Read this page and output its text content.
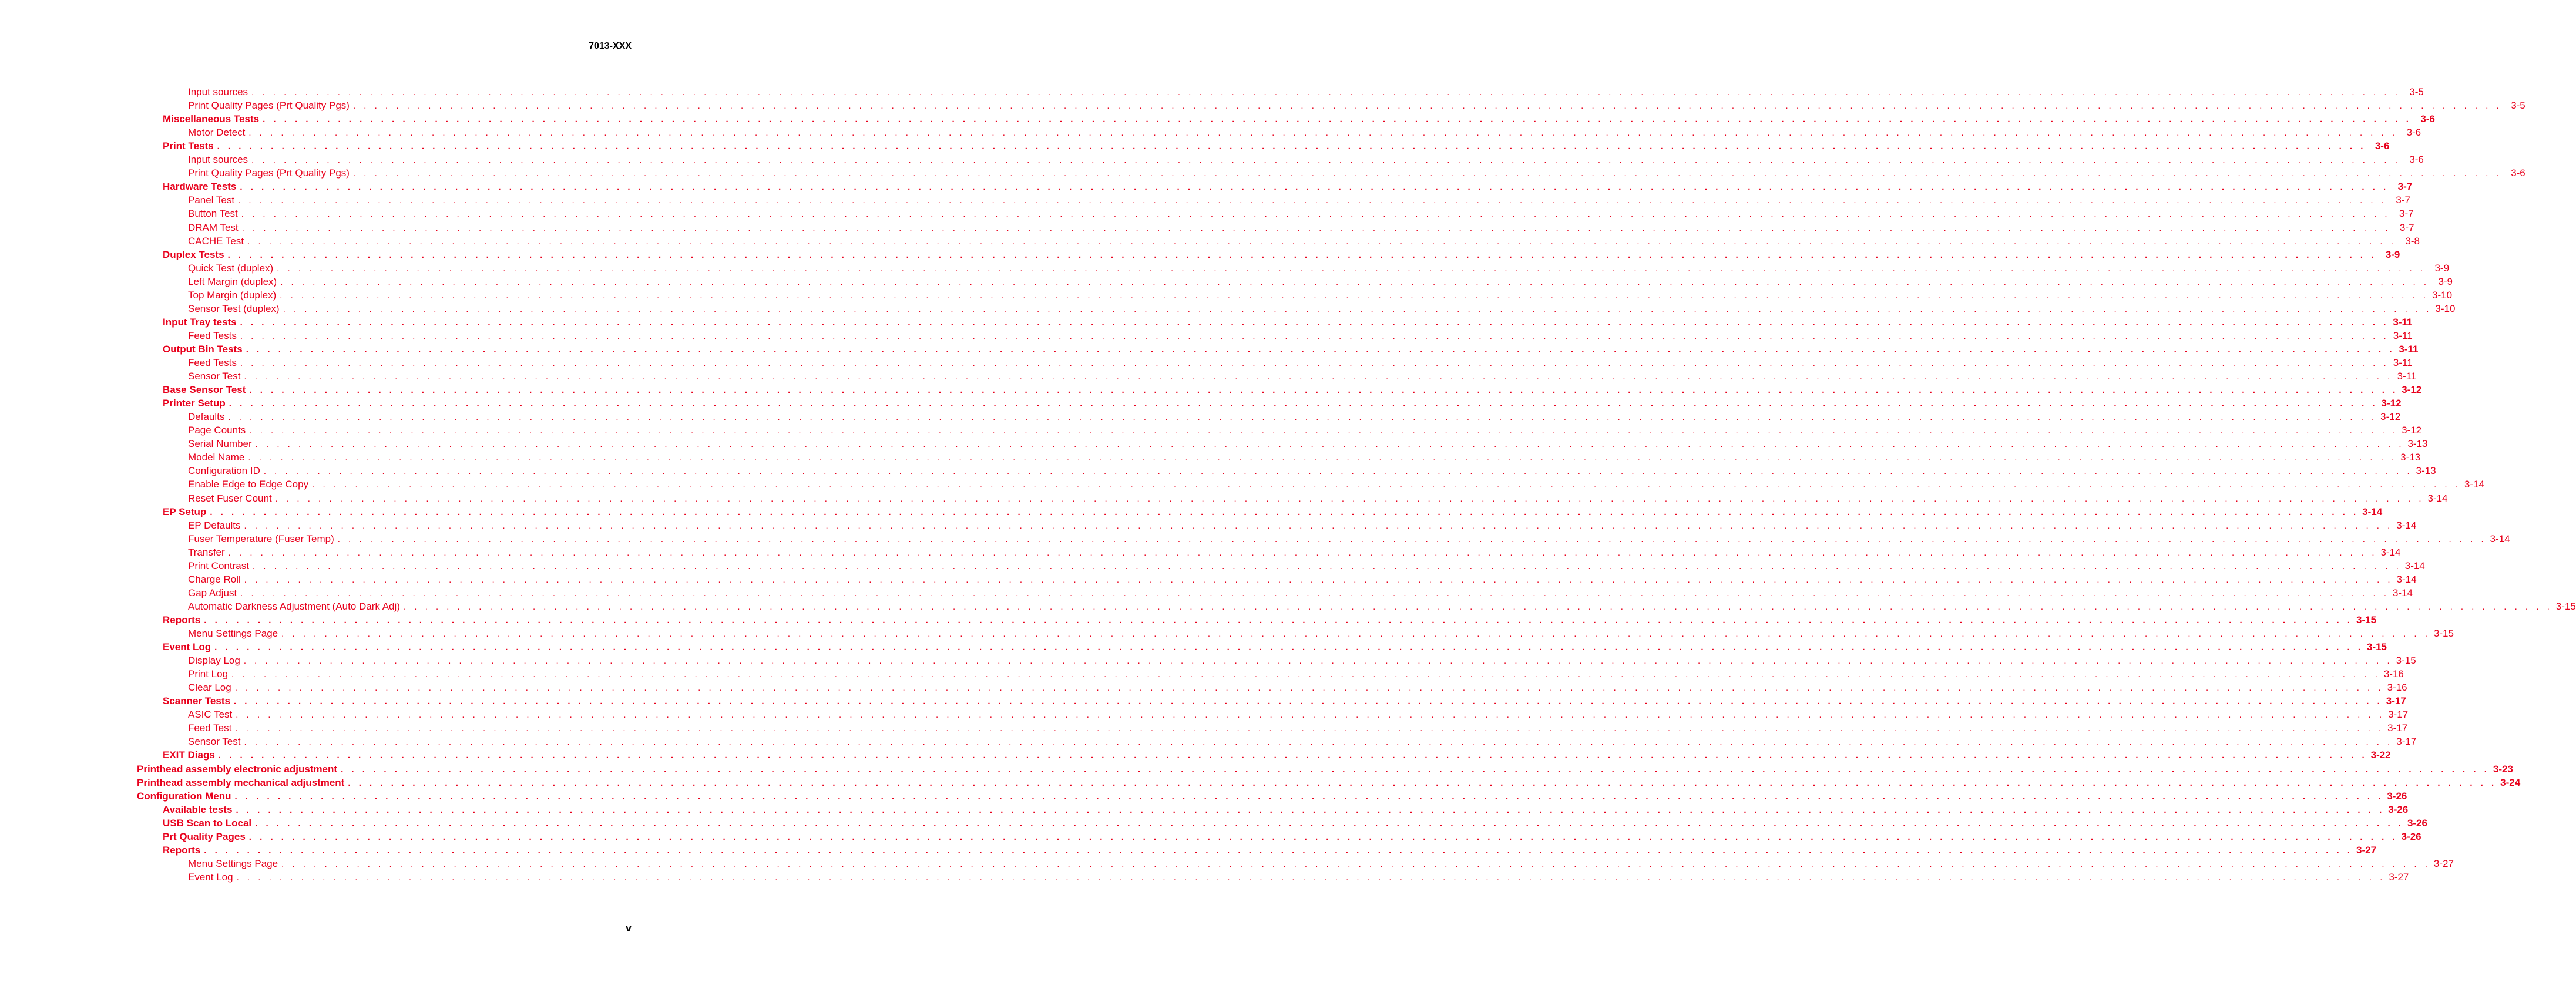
7013-XXX
Input sources . . . . . . . . . . . . . . . . . . . . . . . . . . . . . . . . . . . . . . . . . . . . . . . . . . . . . . . . . . . . . . . . . . . . . . . . . . . . . . . . . . . . . . . . . . . . . . . . . . . . . . . . . . . . . . . . . . . . . . . . . . . . . . . . . . . . . . . . . . . . . . . . . . . . . . . . . . . . . . . . . . . . . . . . . . . . . . . . . . . . . . . . . . . . . . . . . . . . . . . . 3-5
Print Quality Pages (Prt Quality Pgs) . . . . . . . . . . . . . . . . . . . . . . . . . . . . . . . . . . . . . . . . . . . . . . . . . . . . . . . . . . . . . . . . . . . . . . . . . . . . . . . . . . . . . . . . . . . . . . . . . . . . . . . . . . . . . . . . . . . . . . . . . . . . . . . . . . . . . . . . . . . . . . . . . . . . . . . . . . . . . . . . . . . . . . . . . . . . . . . . . . . . . . . . . . . . . . . . . . . . . . . . 3-5
Miscellaneous Tests . . . . . . . . . . . . . . . . . . . . . . . . . . . . . . . . . . . . . . . . . . . . . . . . . . . . . . . . . . . . . . . . . . . . . . . . . . . . . . . . . . . . . . . . . . . . . . . . . . . . . . . . . . . . . . . . . . . . . . . . . . . . . . . . . . . . . . . . . . . . . . . . . . . . . . . . . . . . . . . . . . . . . . . . . . . . . . . . . . . . . . . . . . . . . . . . . . . . . . . . 3-6
Motor Detect . . . . . . . . . . . . . . . . . . . . . . . . . . . . . . . . . . . . . . . . . . . . . . . . . . . . . . . . . . . . . . . . . . . . . . . . . . . . . . . . . . . . . . . . . . . . . . . . . . . . . . . . . . . . . . . . . . . . . . . . . . . . . . . . . . . . . . . . . . . . . . . . . . . . . . . . . . . . . . . . . . . . . . . . . . . . . . . . . . . . . . . . . . . . . . . . . . . . . . . . 3-6
Print Tests . . . . . . . . . . . . . . . . . . . . . . . . . . . . . . . . . . . . . . . . . . . . . . . . . . . . . . . . . . . . . . . . . . . . . . . . . . . . . . . . . . . . . . . . . . . . . . . . . . . . . . . . . . . . . . . . . . . . . . . . . . . . . . . . . . . . . . . . . . . . . . . . . . . . . . . . . . . . . . . . . . . . . . . . . . . . . . . . . . . . . . . . . . . . . . . . . . . . . . . . 3-6
Input sources . . . . . . . . . . . . . . . . . . . . . . . . . . . . . . . . . . . . . . . . . . . . . . . . . . . . . . . . . . . . . . . . . . . . . . . . . . . . . . . . . . . . . . . . . . . . . . . . . . . . . . . . . . . . . . . . . . . . . . . . . . . . . . . . . . . . . . . . . . . . . . . . . . . . . . . . . . . . . . . . . . . . . . . . . . . . . . . . . . . . . . . . . . . . . . . . . . . . . . . . 3-6
Print Quality Pages (Prt Quality Pgs) . . . . . . . . . . . . . . . . . . . . . . . . . . . . . . . . . . . . . . . . . . . . . . . . . . . . . . . . . . . . . . . . . . . . . . . . . . . . . . . . . . . . . . . . . . . . . . . . . . . . . . . . . . . . . . . . . . . . . . . . . . . . . . . . . . . . . . . . . . . . . . . . . . . . . . . . . . . . . . . . . . . . . . . . . . . . . . . . . . . . . . . . . . . . . . . . . . . . . . . . 3-6
Hardware Tests . . . . . . . . . . . . . . . . . . . . . . . . . . . . . . . . . . . . . . . . . . . . . . . . . . . . . . . . . . . . . . . . . . . . . . . . . . . . . . . . . . . . . . . . . . . . . . . . . . . . . . . . . . . . . . . . . . . . . . . . . . . . . . . . . . . . . . . . . . . . . . . . . . . . . . . . . . . . . . . . . . . . . . . . . . . . . . . . . . . . . . . . . . . . . . . . . . . . . . . . 3-7
Panel Test . . . . . . . . . . . . . . . . . . . . . . . . . . . . . . . . . . . . . . . . . . . . . . . . . . . . . . . . . . . . . . . . . . . . . . . . . . . . . . . . . . . . . . . . . . . . . . . . . . . . . . . . . . . . . . . . . . . . . . . . . . . . . . . . . . . . . . . . . . . . . . . . . . . . . . . . . . . . . . . . . . . . . . . . . . . . . . . . . . . . . . . . . . . . . . . . . . . . . . . . 3-7
Button Test . . . . . . . . . . . . . . . . . . . . . . . . . . . . . . . . . . . . . . . . . . . . . . . . . . . . . . . . . . . . . . . . . . . . . . . . . . . . . . . . . . . . . . . . . . . . . . . . . . . . . . . . . . . . . . . . . . . . . . . . . . . . . . . . . . . . . . . . . . . . . . . . . . . . . . . . . . . . . . . . . . . . . . . . . . . . . . . . . . . . . . . . . . . . . . . . . . . . . . . . 3-7
DRAM Test . . . . . . . . . . . . . . . . . . . . . . . . . . . . . . . . . . . . . . . . . . . . . . . . . . . . . . . . . . . . . . . . . . . . . . . . . . . . . . . . . . . . . . . . . . . . . . . . . . . . . . . . . . . . . . . . . . . . . . . . . . . . . . . . . . . . . . . . . . . . . . . . . . . . . . . . . . . . . . . . . . . . . . . . . . . . . . . . . . . . . . . . . . . . . . . . . . . . . . . . 3-7
CACHE Test . . . . . . . . . . . . . . . . . . . . . . . . . . . . . . . . . . . . . . . . . . . . . . . . . . . . . . . . . . . . . . . . . . . . . . . . . . . . . . . . . . . . . . . . . . . . . . . . . . . . . . . . . . . . . . . . . . . . . . . . . . . . . . . . . . . . . . . . . . . . . . . . . . . . . . . . . . . . . . . . . . . . . . . . . . . . . . . . . . . . . . . . . . . . . . . . . . . . . . . . 3-8
Duplex Tests . . . . . . . . . . . . . . . . . . . . . . . . . . . . . . . . . . . . . . . . . . . . . . . . . . . . . . . . . . . . . . . . . . . . . . . . . . . . . . . . . . . . . . . . . . . . . . . . . . . . . . . . . . . . . . . . . . . . . . . . . . . . . . . . . . . . . . . . . . . . . . . . . . . . . . . . . . . . . . . . . . . . . . . . . . . . . . . . . . . . . . . . . . . . . . . . . . . . . . . . 3-9
Quick Test (duplex) . . . . . . . . . . . . . . . . . . . . . . . . . . . . . . . . . . . . . . . . . . . . . . . . . . . . . . . . . . . . . . . . . . . . . . . . . . . . . . . . . . . . . . . . . . . . . . . . . . . . . . . . . . . . . . . . . . . . . . . . . . . . . . . . . . . . . . . . . . . . . . . . . . . . . . . . . . . . . . . . . . . . . . . . . . . . . . . . . . . . . . . . . . . . . . . . . . . . . . . . 3-9
Left Margin (duplex) . . . . . . . . . . . . . . . . . . . . . . . . . . . . . . . . . . . . . . . . . . . . . . . . . . . . . . . . . . . . . . . . . . . . . . . . . . . . . . . . . . . . . . . . . . . . . . . . . . . . . . . . . . . . . . . . . . . . . . . . . . . . . . . . . . . . . . . . . . . . . . . . . . . . . . . . . . . . . . . . . . . . . . . . . . . . . . . . . . . . . . . . . . . . . . . . . . . . . . . . 3-9
Top Margin (duplex) . . . . . . . . . . . . . . . . . . . . . . . . . . . . . . . . . . . . . . . . . . . . . . . . . . . . . . . . . . . . . . . . . . . . . . . . . . . . . . . . . . . . . . . . . . . . . . . . . . . . . . . . . . . . . . . . . . . . . . . . . . . . . . . . . . . . . . . . . . . . . . . . . . . . . . . . . . . . . . . . . . . . . . . . . . . . . . . . . . . . . . . . . . . . . . . . . . . . . . . . 3-10
Sensor Test (duplex) . . . . . . . . . . . . . . . . . . . . . . . . . . . . . . . . . . . . . . . . . . . . . . . . . . . . . . . . . . . . . . . . . . . . . . . . . . . . . . . . . . . . . . . . . . . . . . . . . . . . . . . . . . . . . . . . . . . . . . . . . . . . . . . . . . . . . . . . . . . . . . . . . . . . . . . . . . . . . . . . . . . . . . . . . . . . . . . . . . . . . . . . . . . . . . . . . . . . . . . . 3-10
Input Tray tests . . . . . . . . . . . . . . . . . . . . . . . . . . . . . . . . . . . . . . . . . . . . . . . . . . . . . . . . . . . . . . . . . . . . . . . . . . . . . . . . . . . . . . . . . . . . . . . . . . . . . . . . . . . . . . . . . . . . . . . . . . . . . . . . . . . . . . . . . . . . . . . . . . . . . . . . . . . . . . . . . . . . . . . . . . . . . . . . . . . . . . . . . . . . . . . . . . . . . . . . 3-11
Feed Tests . . . . . . . . . . . . . . . . . . . . . . . . . . . . . . . . . . . . . . . . . . . . . . . . . . . . . . . . . . . . . . . . . . . . . . . . . . . . . . . . . . . . . . . . . . . . . . . . . . . . . . . . . . . . . . . . . . . . . . . . . . . . . . . . . . . . . . . . . . . . . . . . . . . . . . . . . . . . . . . . . . . . . . . . . . . . . . . . . . . . . . . . . . . . . . . . . . . . . . . . 3-11
Output Bin Tests . . . . . . . . . . . . . . . . . . . . . . . . . . . . . . . . . . . . . . . . . . . . . . . . . . . . . . . . . . . . . . . . . . . . . . . . . . . . . . . . . . . . . . . . . . . . . . . . . . . . . . . . . . . . . . . . . . . . . . . . . . . . . . . . . . . . . . . . . . . . . . . . . . . . . . . . . . . . . . . . . . . . . . . . . . . . . . . . . . . . . . . . . . . . . . . . . . . . . . . . 3-11
Feed Tests . . . . . . . . . . . . . . . . . . . . . . . . . . . . . . . . . . . . . . . . . . . . . . . . . . . . . . . . . . . . . . . . . . . . . . . . . . . . . . . . . . . . . . . . . . . . . . . . . . . . . . . . . . . . . . . . . . . . . . . . . . . . . . . . . . . . . . . . . . . . . . . . . . . . . . . . . . . . . . . . . . . . . . . . . . . . . . . . . . . . . . . . . . . . . . . . . . . . . . . . 3-11
Sensor Test . . . . . . . . . . . . . . . . . . . . . . . . . . . . . . . . . . . . . . . . . . . . . . . . . . . . . . . . . . . . . . . . . . . . . . . . . . . . . . . . . . . . . . . . . . . . . . . . . . . . . . . . . . . . . . . . . . . . . . . . . . . . . . . . . . . . . . . . . . . . . . . . . . . . . . . . . . . . . . . . . . . . . . . . . . . . . . . . . . . . . . . . . . . . . . . . . . . . . . . . 3-11
Base Sensor Test . . . . . . . . . . . . . . . . . . . . . . . . . . . . . . . . . . . . . . . . . . . . . . . . . . . . . . . . . . . . . . . . . . . . . . . . . . . . . . . . . . . . . . . . . . . . . . . . . . . . . . . . . . . . . . . . . . . . . . . . . . . . . . . . . . . . . . . . . . . . . . . . . . . . . . . . . . . . . . . . . . . . . . . . . . . . . . . . . . . . . . . . . . . . . . . . . . . . . . . . 3-12
Printer Setup . . . . . . . . . . . . . . . . . . . . . . . . . . . . . . . . . . . . . . . . . . . . . . . . . . . . . . . . . . . . . . . . . . . . . . . . . . . . . . . . . . . . . . . . . . . . . . . . . . . . . . . . . . . . . . . . . . . . . . . . . . . . . . . . . . . . . . . . . . . . . . . . . . . . . . . . . . . . . . . . . . . . . . . . . . . . . . . . . . . . . . . . . . . . . . . . . . . . . . . . 3-12
Defaults . . . . . . . . . . . . . . . . . . . . . . . . . . . . . . . . . . . . . . . . . . . . . . . . . . . . . . . . . . . . . . . . . . . . . . . . . . . . . . . . . . . . . . . . . . . . . . . . . . . . . . . . . . . . . . . . . . . . . . . . . . . . . . . . . . . . . . . . . . . . . . . . . . . . . . . . . . . . . . . . . . . . . . . . . . . . . . . . . . . . . . . . . . . . . . . . . . . . . . . . 3-12
Page Counts . . . . . . . . . . . . . . . . . . . . . . . . . . . . . . . . . . . . . . . . . . . . . . . . . . . . . . . . . . . . . . . . . . . . . . . . . . . . . . . . . . . . . . . . . . . . . . . . . . . . . . . . . . . . . . . . . . . . . . . . . . . . . . . . . . . . . . . . . . . . . . . . . . . . . . . . . . . . . . . . . . . . . . . . . . . . . . . . . . . . . . . . . . . . . . . . . . . . . . . . 3-12
Serial Number . . . . . . . . . . . . . . . . . . . . . . . . . . . . . . . . . . . . . . . . . . . . . . . . . . . . . . . . . . . . . . . . . . . . . . . . . . . . . . . . . . . . . . . . . . . . . . . . . . . . . . . . . . . . . . . . . . . . . . . . . . . . . . . . . . . . . . . . . . . . . . . . . . . . . . . . . . . . . . . . . . . . . . . . . . . . . . . . . . . . . . . . . . . . . . . . . . . . . . . . 3-13
Model Name . . . . . . . . . . . . . . . . . . . . . . . . . . . . . . . . . . . . . . . . . . . . . . . . . . . . . . . . . . . . . . . . . . . . . . . . . . . . . . . . . . . . . . . . . . . . . . . . . . . . . . . . . . . . . . . . . . . . . . . . . . . . . . . . . . . . . . . . . . . . . . . . . . . . . . . . . . . . . . . . . . . . . . . . . . . . . . . . . . . . . . . . . . . . . . . . . . . . . . . . 3-13
Configuration ID . . . . . . . . . . . . . . . . . . . . . . . . . . . . . . . . . . . . . . . . . . . . . . . . . . . . . . . . . . . . . . . . . . . . . . . . . . . . . . . . . . . . . . . . . . . . . . . . . . . . . . . . . . . . . . . . . . . . . . . . . . . . . . . . . . . . . . . . . . . . . . . . . . . . . . . . . . . . . . . . . . . . . . . . . . . . . . . . . . . . . . . . . . . . . . . . . . . . . . . . 3-13
Enable Edge to Edge Copy . . . . . . . . . . . . . . . . . . . . . . . . . . . . . . . . . . . . . . . . . . . . . . . . . . . . . . . . . . . . . . . . . . . . . . . . . . . . . . . . . . . . . . . . . . . . . . . . . . . . . . . . . . . . . . . . . . . . . . . . . . . . . . . . . . . . . . . . . . . . . . . . . . . . . . . . . . . . . . . . . . . . . . . . . . . . . . . . . . . . . . . . . . . . . . . . . . . . . . . . 3-14
Reset Fuser Count . . . . . . . . . . . . . . . . . . . . . . . . . . . . . . . . . . . . . . . . . . . . . . . . . . . . . . . . . . . . . . . . . . . . . . . . . . . . . . . . . . . . . . . . . . . . . . . . . . . . . . . . . . . . . . . . . . . . . . . . . . . . . . . . . . . . . . . . . . . . . . . . . . . . . . . . . . . . . . . . . . . . . . . . . . . . . . . . . . . . . . . . . . . . . . . . . . . . . . . . 3-14
EP Setup . . . . . . . . . . . . . . . . . . . . . . . . . . . . . . . . . . . . . . . . . . . . . . . . . . . . . . . . . . . . . . . . . . . . . . . . . . . . . . . . . . . . . . . . . . . . . . . . . . . . . . . . . . . . . . . . . . . . . . . . . . . . . . . . . . . . . . . . . . . . . . . . . . . . . . . . . . . . . . . . . . . . . . . . . . . . . . . . . . . . . . . . . . . . . . . . . . . . . . . . 3-14
EP Defaults . . . . . . . . . . . . . . . . . . . . . . . . . . . . . . . . . . . . . . . . . . . . . . . . . . . . . . . . . . . . . . . . . . . . . . . . . . . . . . . . . . . . . . . . . . . . . . . . . . . . . . . . . . . . . . . . . . . . . . . . . . . . . . . . . . . . . . . . . . . . . . . . . . . . . . . . . . . . . . . . . . . . . . . . . . . . . . . . . . . . . . . . . . . . . . . . . . . . . . . . 3-14
Fuser Temperature (Fuser Temp) . . . . . . . . . . . . . . . . . . . . . . . . . . . . . . . . . . . . . . . . . . . . . . . . . . . . . . . . . . . . . . . . . . . . . . . . . . . . . . . . . . . . . . . . . . . . . . . . . . . . . . . . . . . . . . . . . . . . . . . . . . . . . . . . . . . . . . . . . . . . . . . . . . . . . . . . . . . . . . . . . . . . . . . . . . . . . . . . . . . . . . . . . . . . . . . . . . . . . . . . 3-14
Transfer . . . . . . . . . . . . . . . . . . . . . . . . . . . . . . . . . . . . . . . . . . . . . . . . . . . . . . . . . . . . . . . . . . . . . . . . . . . . . . . . . . . . . . . . . . . . . . . . . . . . . . . . . . . . . . . . . . . . . . . . . . . . . . . . . . . . . . . . . . . . . . . . . . . . . . . . . . . . . . . . . . . . . . . . . . . . . . . . . . . . . . . . . . . . . . . . . . . . . . . . 3-14
Print Contrast . . . . . . . . . . . . . . . . . . . . . . . . . . . . . . . . . . . . . . . . . . . . . . . . . . . . . . . . . . . . . . . . . . . . . . . . . . . . . . . . . . . . . . . . . . . . . . . . . . . . . . . . . . . . . . . . . . . . . . . . . . . . . . . . . . . . . . . . . . . . . . . . . . . . . . . . . . . . . . . . . . . . . . . . . . . . . . . . . . . . . . . . . . . . . . . . . . . . . . . . 3-14
Charge Roll . . . . . . . . . . . . . . . . . . . . . . . . . . . . . . . . . . . . . . . . . . . . . . . . . . . . . . . . . . . . . . . . . . . . . . . . . . . . . . . . . . . . . . . . . . . . . . . . . . . . . . . . . . . . . . . . . . . . . . . . . . . . . . . . . . . . . . . . . . . . . . . . . . . . . . . . . . . . . . . . . . . . . . . . . . . . . . . . . . . . . . . . . . . . . . . . . . . . . . . . 3-14
Gap Adjust . . . . . . . . . . . . . . . . . . . . . . . . . . . . . . . . . . . . . . . . . . . . . . . . . . . . . . . . . . . . . . . . . . . . . . . . . . . . . . . . . . . . . . . . . . . . . . . . . . . . . . . . . . . . . . . . . . . . . . . . . . . . . . . . . . . . . . . . . . . . . . . . . . . . . . . . . . . . . . . . . . . . . . . . . . . . . . . . . . . . . . . . . . . . . . . . . . . . . . . . 3-14
Automatic Darkness Adjustment (Auto Dark Adj) . . . . . . . . . . . . . . . . . . . . . . . . . . . . . . . . . . . . . . . . . . . . . . . . . . . . . . . . . . . . . . . . . . . . . . . . . . . . . . . . . . . . . . . . . . . . . . . . . . . . . . . . . . . . . . . . . . . . . . . . . . . . . . . . . . . . . . . . . . . . . . . . . . . . . . . . . . . . . . . . . . . . . . . . . . . . . . . . . . . . . . . . . . . . . . . . . . . . . . . . 3-15
Reports . . . . . . . . . . . . . . . . . . . . . . . . . . . . . . . . . . . . . . . . . . . . . . . . . . . . . . . . . . . . . . . . . . . . . . . . . . . . . . . . . . . . . . . . . . . . . . . . . . . . . . . . . . . . . . . . . . . . . . . . . . . . . . . . . . . . . . . . . . . . . . . . . . . . . . . . . . . . . . . . . . . . . . . . . . . . . . . . . . . . . . . . . . . . . . . . . . . . . . . . 3-15
Menu Settings Page . . . . . . . . . . . . . . . . . . . . . . . . . . . . . . . . . . . . . . . . . . . . . . . . . . . . . . . . . . . . . . . . . . . . . . . . . . . . . . . . . . . . . . . . . . . . . . . . . . . . . . . . . . . . . . . . . . . . . . . . . . . . . . . . . . . . . . . . . . . . . . . . . . . . . . . . . . . . . . . . . . . . . . . . . . . . . . . . . . . . . . . . . . . . . . . . . . . . . . . . 3-15
Event Log . . . . . . . . . . . . . . . . . . . . . . . . . . . . . . . . . . . . . . . . . . . . . . . . . . . . . . . . . . . . . . . . . . . . . . . . . . . . . . . . . . . . . . . . . . . . . . . . . . . . . . . . . . . . . . . . . . . . . . . . . . . . . . . . . . . . . . . . . . . . . . . . . . . . . . . . . . . . . . . . . . . . . . . . . . . . . . . . . . . . . . . . . . . . . . . . . . . . . . . . 3-15
Display Log . . . . . . . . . . . . . . . . . . . . . . . . . . . . . . . . . . . . . . . . . . . . . . . . . . . . . . . . . . . . . . . . . . . . . . . . . . . . . . . . . . . . . . . . . . . . . . . . . . . . . . . . . . . . . . . . . . . . . . . . . . . . . . . . . . . . . . . . . . . . . . . . . . . . . . . . . . . . . . . . . . . . . . . . . . . . . . . . . . . . . . . . . . . . . . . . . . . . . . . . 3-15
Print Log . . . . . . . . . . . . . . . . . . . . . . . . . . . . . . . . . . . . . . . . . . . . . . . . . . . . . . . . . . . . . . . . . . . . . . . . . . . . . . . . . . . . . . . . . . . . . . . . . . . . . . . . . . . . . . . . . . . . . . . . . . . . . . . . . . . . . . . . . . . . . . . . . . . . . . . . . . . . . . . . . . . . . . . . . . . . . . . . . . . . . . . . . . . . . . . . . . . . . . . . 3-16
Clear Log . . . . . . . . . . . . . . . . . . . . . . . . . . . . . . . . . . . . . . . . . . . . . . . . . . . . . . . . . . . . . . . . . . . . . . . . . . . . . . . . . . . . . . . . . . . . . . . . . . . . . . . . . . . . . . . . . . . . . . . . . . . . . . . . . . . . . . . . . . . . . . . . . . . . . . . . . . . . . . . . . . . . . . . . . . . . . . . . . . . . . . . . . . . . . . . . . . . . . . . . 3-16
Scanner Tests . . . . . . . . . . . . . . . . . . . . . . . . . . . . . . . . . . . . . . . . . . . . . . . . . . . . . . . . . . . . . . . . . . . . . . . . . . . . . . . . . . . . . . . . . . . . . . . . . . . . . . . . . . . . . . . . . . . . . . . . . . . . . . . . . . . . . . . . . . . . . . . . . . . . . . . . . . . . . . . . . . . . . . . . . . . . . . . . . . . . . . . . . . . . . . . . . . . . . . . . 3-17
ASIC Test . . . . . . . . . . . . . . . . . . . . . . . . . . . . . . . . . . . . . . . . . . . . . . . . . . . . . . . . . . . . . . . . . . . . . . . . . . . . . . . . . . . . . . . . . . . . . . . . . . . . . . . . . . . . . . . . . . . . . . . . . . . . . . . . . . . . . . . . . . . . . . . . . . . . . . . . . . . . . . . . . . . . . . . . . . . . . . . . . . . . . . . . . . . . . . . . . . . . . . . . 3-17
Feed Test . . . . . . . . . . . . . . . . . . . . . . . . . . . . . . . . . . . . . . . . . . . . . . . . . . . . . . . . . . . . . . . . . . . . . . . . . . . . . . . . . . . . . . . . . . . . . . . . . . . . . . . . . . . . . . . . . . . . . . . . . . . . . . . . . . . . . . . . . . . . . . . . . . . . . . . . . . . . . . . . . . . . . . . . . . . . . . . . . . . . . . . . . . . . . . . . . . . . . . . . 3-17
Sensor Test . . . . . . . . . . . . . . . . . . . . . . . . . . . . . . . . . . . . . . . . . . . . . . . . . . . . . . . . . . . . . . . . . . . . . . . . . . . . . . . . . . . . . . . . . . . . . . . . . . . . . . . . . . . . . . . . . . . . . . . . . . . . . . . . . . . . . . . . . . . . . . . . . . . . . . . . . . . . . . . . . . . . . . . . . . . . . . . . . . . . . . . . . . . . . . . . . . . . . . . . 3-17
EXIT Diags . . . . . . . . . . . . . . . . . . . . . . . . . . . . . . . . . . . . . . . . . . . . . . . . . . . . . . . . . . . . . . . . . . . . . . . . . . . . . . . . . . . . . . . . . . . . . . . . . . . . . . . . . . . . . . . . . . . . . . . . . . . . . . . . . . . . . . . . . . . . . . . . . . . . . . . . . . . . . . . . . . . . . . . . . . . . . . . . . . . . . . . . . . . . . . . . . . . . . . . . 3-22
Printhead assembly electronic adjustment . . . . . . . . . . . . . . . . . . . . . . . . . . . . . . . . . . . . . . . . . . . . . . . . . . . . . . . . . . . . . . . . . . . . . . . . . . . . . . . . . . . . . . . . . . . . . . . . . . . . . . . . . . . . . . . . . . . . . . . . . . . . . . . . . . . . . . . . . . . . . . . . . . . . . . . . . . . . . . . . . . . . . . . . . . . . . . . . . . . . . . . . . . . . . . . . . . . . . . . . 3-23
Printhead assembly mechanical adjustment . . . . . . . . . . . . . . . . . . . . . . . . . . . . . . . . . . . . . . . . . . . . . . . . . . . . . . . . . . . . . . . . . . . . . . . . . . . . . . . . . . . . . . . . . . . . . . . . . . . . . . . . . . . . . . . . . . . . . . . . . . . . . . . . . . . . . . . . . . . . . . . . . . . . . . . . . . . . . . . . . . . . . . . . . . . . . . . . . . . . . . . . . . . . . . . . . . . . . . . . 3-24
Configuration Menu . . . . . . . . . . . . . . . . . . . . . . . . . . . . . . . . . . . . . . . . . . . . . . . . . . . . . . . . . . . . . . . . . . . . . . . . . . . . . . . . . . . . . . . . . . . . . . . . . . . . . . . . . . . . . . . . . . . . . . . . . . . . . . . . . . . . . . . . . . . . . . . . . . . . . . . . . . . . . . . . . . . . . . . . . . . . . . . . . . . . . . . . . . . . . . . . . . . . . . . . 3-26
Available tests . . . . . . . . . . . . . . . . . . . . . . . . . . . . . . . . . . . . . . . . . . . . . . . . . . . . . . . . . . . . . . . . . . . . . . . . . . . . . . . . . . . . . . . . . . . . . . . . . . . . . . . . . . . . . . . . . . . . . . . . . . . . . . . . . . . . . . . . . . . . . . . . . . . . . . . . . . . . . . . . . . . . . . . . . . . . . . . . . . . . . . . . . . . . . . . . . . . . . . . . 3-26
USB Scan to Local . . . . . . . . . . . . . . . . . . . . . . . . . . . . . . . . . . . . . . . . . . . . . . . . . . . . . . . . . . . . . . . . . . . . . . . . . . . . . . . . . . . . . . . . . . . . . . . . . . . . . . . . . . . . . . . . . . . . . . . . . . . . . . . . . . . . . . . . . . . . . . . . . . . . . . . . . . . . . . . . . . . . . . . . . . . . . . . . . . . . . . . . . . . . . . . . . . . . . . . . 3-26
Prt Quality Pages . . . . . . . . . . . . . . . . . . . . . . . . . . . . . . . . . . . . . . . . . . . . . . . . . . . . . . . . . . . . . . . . . . . . . . . . . . . . . . . . . . . . . . . . . . . . . . . . . . . . . . . . . . . . . . . . . . . . . . . . . . . . . . . . . . . . . . . . . . . . . . . . . . . . . . . . . . . . . . . . . . . . . . . . . . . . . . . . . . . . . . . . . . . . . . . . . . . . . . . . 3-26
Reports . . . . . . . . . . . . . . . . . . . . . . . . . . . . . . . . . . . . . . . . . . . . . . . . . . . . . . . . . . . . . . . . . . . . . . . . . . . . . . . . . . . . . . . . . . . . . . . . . . . . . . . . . . . . . . . . . . . . . . . . . . . . . . . . . . . . . . . . . . . . . . . . . . . . . . . . . . . . . . . . . . . . . . . . . . . . . . . . . . . . . . . . . . . . . . . . . . . . . . . . 3-27
Menu Settings Page . . . . . . . . . . . . . . . . . . . . . . . . . . . . . . . . . . . . . . . . . . . . . . . . . . . . . . . . . . . . . . . . . . . . . . . . . . . . . . . . . . . . . . . . . . . . . . . . . . . . . . . . . . . . . . . . . . . . . . . . . . . . . . . . . . . . . . . . . . . . . . . . . . . . . . . . . . . . . . . . . . . . . . . . . . . . . . . . . . . . . . . . . . . . . . . . . . . . . . . . 3-27
Event Log . . . . . . . . . . . . . . . . . . . . . . . . . . . . . . . . . . . . . . . . . . . . . . . . . . . . . . . . . . . . . . . . . . . . . . . . . . . . . . . . . . . . . . . . . . . . . . . . . . . . . . . . . . . . . . . . . . . . . . . . . . . . . . . . . . . . . . . . . . . . . . . . . . . . . . . . . . . . . . . . . . . . . . . . . . . . . . . . . . . . . . . . . . . . . . . . . . . . . . . . 3-27
v
